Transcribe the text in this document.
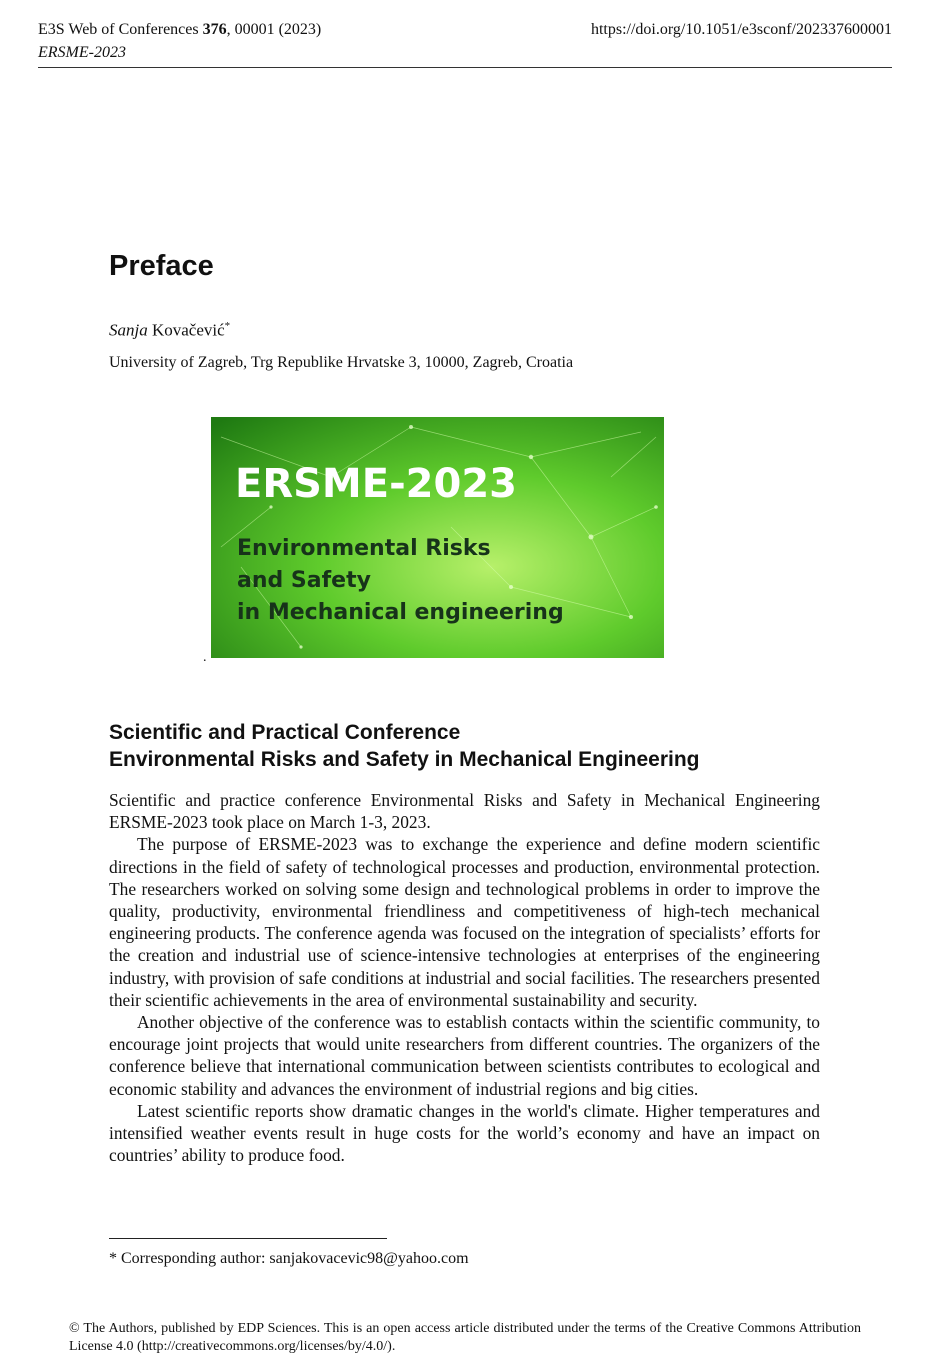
E3S Web of Conferences 376, 00001 (2023)
ERSME-2023
https://doi.org/10.1051/e3sconf/202337600001
Preface
Sanja Kovačević*
University of Zagreb, Trg Republike Hrvatske 3, 10000, Zagreb, Croatia
ERSME-2023
Environmental Risks
and Safety
in Mechanical engineering
.
Scientific and Practical Conference
Environmental Risks and Safety in Mechanical Engineering

Scientific and practice conference Environmental Risks and Safety in Mechanical Engineering ERSME-2023 took place on March 1-3, 2023.

The purpose of ERSME-2023 was to exchange the experience and define modern scientific directions in the field of safety of technological processes and production, environmental protection. The researchers worked on solving some design and technological problems in order to improve the quality, productivity, environmental friendliness and competitiveness of high-tech mechanical engineering products. The conference agenda was focused on the integration of specialists’ efforts for the creation and industrial use of science-intensive technologies at enterprises of the engineering industry, with provision of safe conditions at industrial and social facilities. The researchers presented their scientific achievements in the area of environmental sustainability and security.

Another objective of the conference was to establish contacts within the scientific community, to encourage joint projects that would unite researchers from different countries. The organizers of the conference believe that international communication between scientists contributes to ecological and economic stability and advances the environment of industrial regions and big cities.

Latest scientific reports show dramatic changes in the world's climate. Higher temperatures and intensified weather events result in huge costs for the world’s economy and have an impact on countries’ ability to produce food.

* Corresponding author: sanjakovacevic98@yahoo.com
© The Authors, published by EDP Sciences. This is an open access article distributed under the terms of the Creative Commons Attribution License 4.0 (http://creativecommons.org/licenses/by/4.0/).
